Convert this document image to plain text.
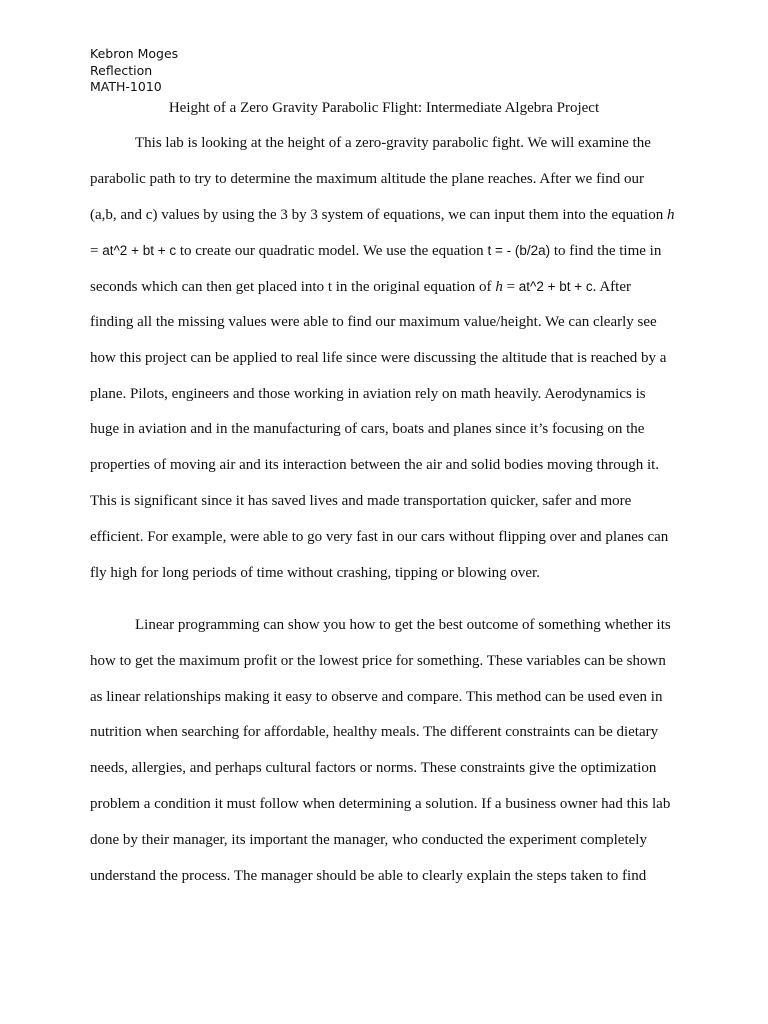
Kebron Moges
Reflection
MATH-1010
Height of a Zero Gravity Parabolic Flight: Intermediate Algebra Project
This lab is looking at the height of a zero-gravity parabolic fight. We will examine the
parabolic path to try to determine the maximum altitude the plane reaches. After we find our
(a,b, and c) values by using the 3 by 3 system of equations, we can input them into the equation h
= at^2 + bt + c to create our quadratic model. We use the equation t = - (b/2a) to find the time in
seconds which can then get placed into t in the original equation of h = at^2 + bt + c. After
finding all the missing values were able to find our maximum value/height. We can clearly see
how this project can be applied to real life since were discussing the altitude that is reached by a
plane. Pilots, engineers and those working in aviation rely on math heavily. Aerodynamics is
huge in aviation and in the manufacturing of cars, boats and planes since it’s focusing on the
properties of moving air and its interaction between the air and solid bodies moving through it.
This is significant since it has saved lives and made transportation quicker, safer and more
efficient. For example, were able to go very fast in our cars without flipping over and planes can
fly high for long periods of time without crashing, tipping or blowing over.
Linear programming can show you how to get the best outcome of something whether its
how to get the maximum profit or the lowest price for something. These variables can be shown
as linear relationships making it easy to observe and compare. This method can be used even in
nutrition when searching for affordable, healthy meals. The different constraints can be dietary
needs, allergies, and perhaps cultural factors or norms. These constraints give the optimization
problem a condition it must follow when determining a solution. If a business owner had this lab
done by their manager, its important the manager, who conducted the experiment completely
understand the process. The manager should be able to clearly explain the steps taken to find
